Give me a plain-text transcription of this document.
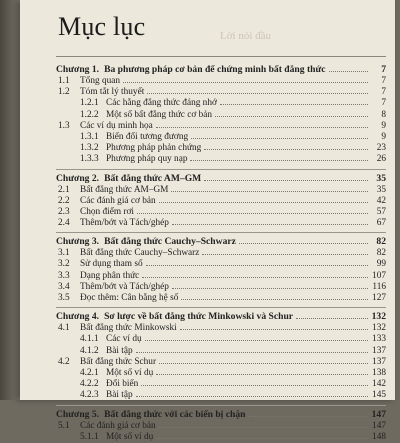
Mục lục	Lời nói đầu
Chương 1. Ba phương pháp cơ bản để chứng minh bất đẳng thức	7
1.1	Tổng quan	7
1.2	Tóm tắt lý thuyết	7
1.2.1 Các hằng đẳng thức đáng nhớ	7
1.2.2 Một số bất đẳng thức cơ bản	8
1.3	Các ví dụ minh họa	9
1.3.1 Biến đổi tương đương	9
1.3.2 Phương pháp phản chứng	23
1.3.3 Phương pháp quy nạp	26
Chương 2. Bất đẳng thức AM–GM	35
2.1	Bất đẳng thức AM–GM	35
2.2	Các đánh giá cơ bản	42
2.3	Chọn điểm rơi	57
2.4	Thêm/bớt và Tách/ghép	67
Chương 3. Bất đẳng thức Cauchy–Schwarz	82
3.1	Bất đẳng thức Cauchy–Schwarz	82
3.2	Sử dụng tham số	99
3.3	Dạng phân thức	107
3.4	Thêm/bớt và Tách/ghép	116
3.5	Đọc thêm: Cân bằng hệ số	127
Chương 4. Sơ lược về bất đẳng thức Minkowski và Schur	132
4.1	Bất đẳng thức Minkowski	132
4.1.1 Các ví dụ	133
4.1.2 Bài tập	137
4.2	Bất đẳng thức Schur	137
4.2.1 Một số ví dụ	138
4.2.2 Đổi biến	142
4.2.3 Bài tập	145
Chương 5. Bất đẳng thức với các biến bị chặn	147
5.1	Các đánh giá cơ bản	147
5.1.1 Một số ví dụ	148
